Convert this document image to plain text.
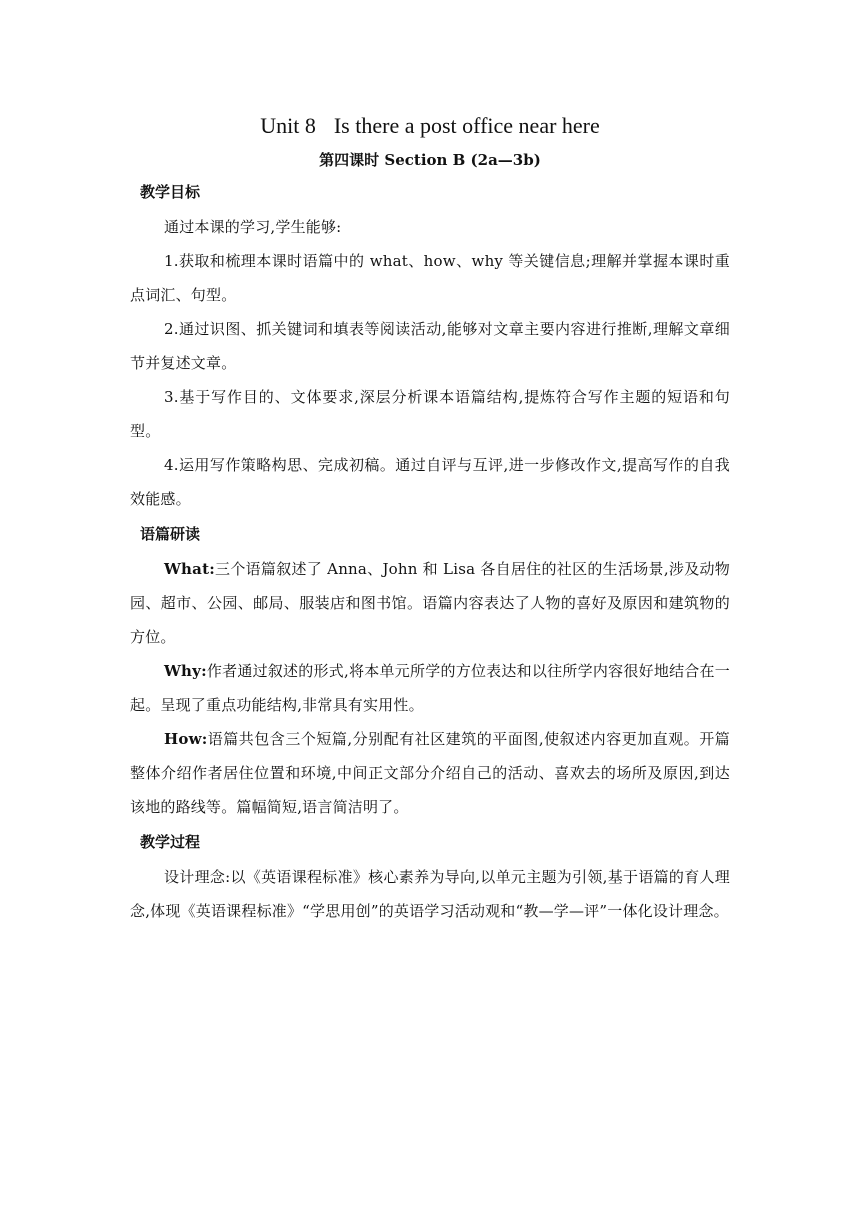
Unit 8 Is there a post office near here
第四课时 Section B (2a—3b)
教学目标

通过本课的学习,学生能够:

1.获取和梳理本课时语篇中的 what、how、why 等关键信息;理解并掌握本课时重点词汇、句型。

2.通过识图、抓关键词和填表等阅读活动,能够对文章主要内容进行推断,理解文章细节并复述文章。

3.基于写作目的、文体要求,深层分析课本语篇结构,提炼符合写作主题的短语和句型。

4.运用写作策略构思、完成初稿。通过自评与互评,进一步修改作文,提高写作的自我效能感。

语篇研读

What:三个语篇叙述了 Anna、John 和 Lisa 各自居住的社区的生活场景,涉及动物园、超市、公园、邮局、服装店和图书馆。语篇内容表达了人物的喜好及原因和建筑物的方位。

Why:作者通过叙述的形式,将本单元所学的方位表达和以往所学内容很好地结合在一起。呈现了重点功能结构,非常具有实用性。

How:语篇共包含三个短篇,分别配有社区建筑的平面图,使叙述内容更加直观。开篇整体介绍作者居住位置和环境,中间正文部分介绍自己的活动、喜欢去的场所及原因,到达该地的路线等。篇幅简短,语言简洁明了。

教学过程

设计理念:以《英语课程标准》核心素养为导向,以单元主题为引领,基于语篇的育人理念,体现《英语课程标准》“学思用创”的英语学习活动观和“教—学—评”一体化设计理念。
